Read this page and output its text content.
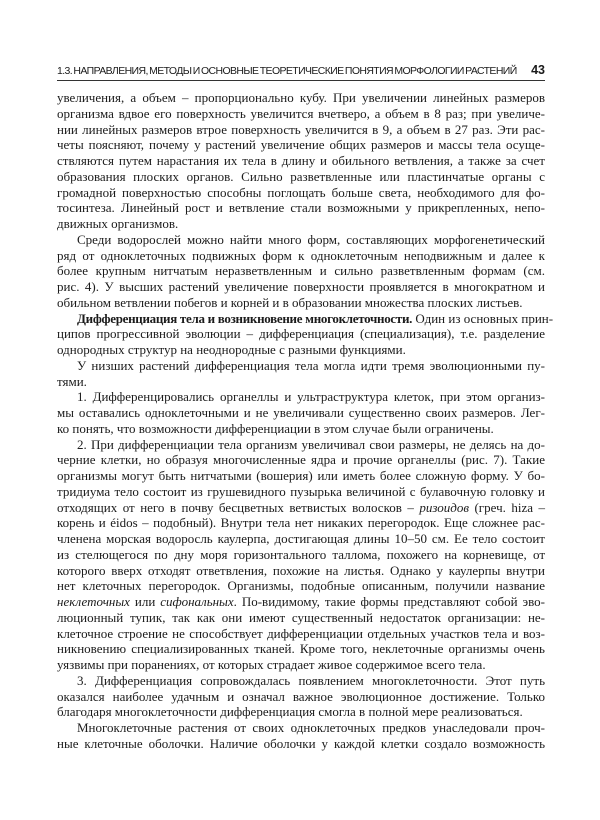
1.3. НАПРАВЛЕНИЯ, МЕТОДЫ И ОСНОВНЫЕ ТЕОРЕТИЧЕСКИЕ ПОНЯТИЯ МОРФОЛОГИИ РАСТЕНИЙ 43
увеличения, а объем – пропорционально кубу. При увеличении линейных размеров
организма вдвое его поверхность увеличится вчетверо, а объем в 8 раз; при увеличе-
нии линейных размеров втрое поверхность увеличится в 9, а объем в 27 раз. Эти рас-
четы поясняют, почему у растений увеличение общих размеров и массы тела осуще-
ствляются путем нарастания их тела в длину и обильного ветвления, а также за счет
образования плоских органов. Сильно разветвленные или пластинчатые органы с
громадной поверхностью способны поглощать больше света, необходимого для фо-
тосинтеза. Линейный рост и ветвление стали возможными у прикрепленных, непо-
движных организмов.
Среди водорослей можно найти много форм, составляющих морфогенетический
ряд от одноклеточных подвижных форм к одноклеточным неподвижным и далее к
более крупным нитчатым неразветвленным и сильно разветвленным формам (см.
рис. 4). У высших растений увеличение поверхности проявляется в многократном и
обильном ветвлении побегов и корней и в образовании множества плоских листьев.
Дифференциация тела и возникновение многоклеточности. Один из основных прин-
ципов прогрессивной эволюции – дифференциация (специализация), т.е. разделение
однородных структур на неоднородные с разными функциями.
У низших растений дифференциация тела могла идти тремя эволюционными пу-
тями.
1. Дифференцировались органеллы и ультраструктура клеток, при этом организ-
мы оставались одноклеточными и не увеличивали существенно своих размеров. Лег-
ко понять, что возможности дифференциации в этом случае были ограничены.
2. При дифференциации тела организм увеличивал свои размеры, не делясь на до-
черние клетки, но образуя многочисленные ядра и прочие органеллы (рис. 7). Такие
организмы могут быть нитчатыми (вошерия) или иметь более сложную форму. У бо-
тридиума тело состоит из грушевидного пузырька величиной с булавочную головку и
отходящих от него в почву бесцветных ветвистых волосков – ризоидов (греч. hiza –
корень и éidos – подобный). Внутри тела нет никаких перегородок. Еще сложнее рас-
членена морская водоросль каулерпа, достигающая длины 10–50 см. Ее тело состоит
из стелющегося по дну моря горизонтального таллома, похожего на корневище, от
которого вверх отходят ответвления, похожие на листья. Однако у каулерпы внутри
нет клеточных перегородок. Организмы, подобные описанным, получили название
неклеточных или сифональных. По-видимому, такие формы представляют собой эво-
люционный тупик, так как они имеют существенный недостаток организации: не-
клеточное строение не способствует дифференциации отдельных участков тела и воз-
никновению специализированных тканей. Кроме того, неклеточные организмы очень
уязвимы при поранениях, от которых страдает живое содержимое всего тела.
3. Дифференциация сопровождалась появлением многоклеточности. Этот путь
оказался наиболее удачным и означал важное эволюционное достижение. Только
благодаря многоклеточности дифференциация смогла в полной мере реализоваться.
Многоклеточные растения от своих одноклеточных предков унаследовали проч-
ные клеточные оболочки. Наличие оболочки у каждой клетки создало возможность
